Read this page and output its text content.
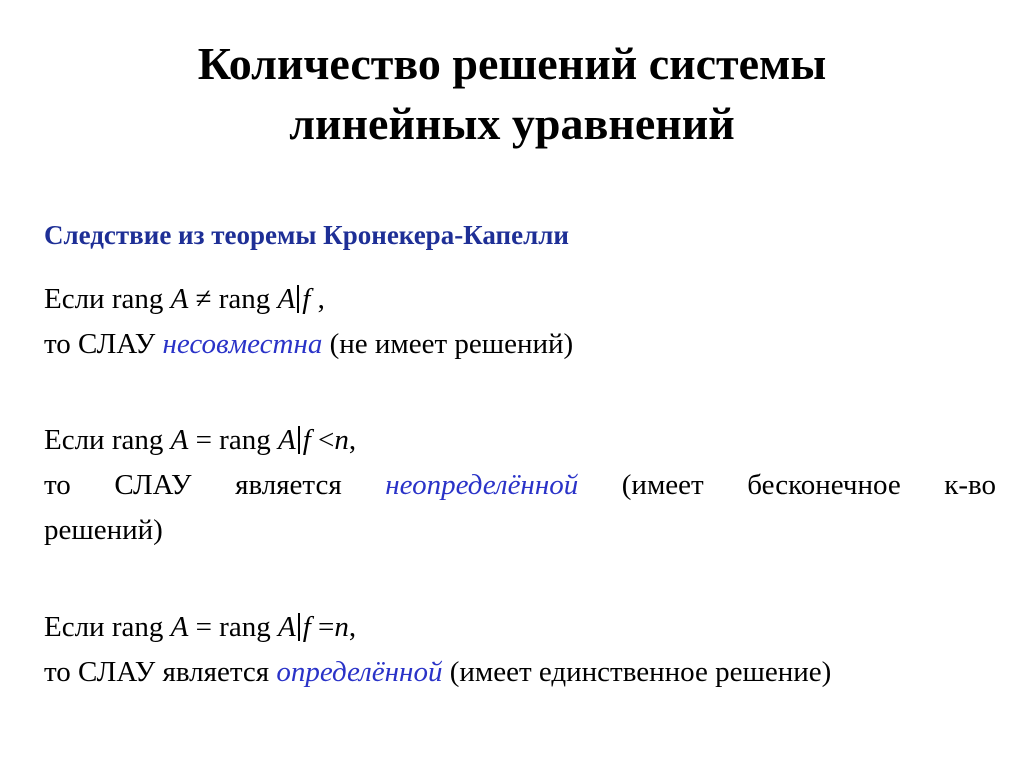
Количество решений системы
линейных уравнений
Следствие из теоремы Кронекера-Капелли
Если rang A ≠ rang A f ,
то СЛАУ несовместна (не имеет решений)
Если rang A = rang A f <n,
то СЛАУ является неопределённой (имеет бесконечное к-во
решений)
Если rang A = rang A f =n,
то СЛАУ является определённой (имеет единственное решение)
